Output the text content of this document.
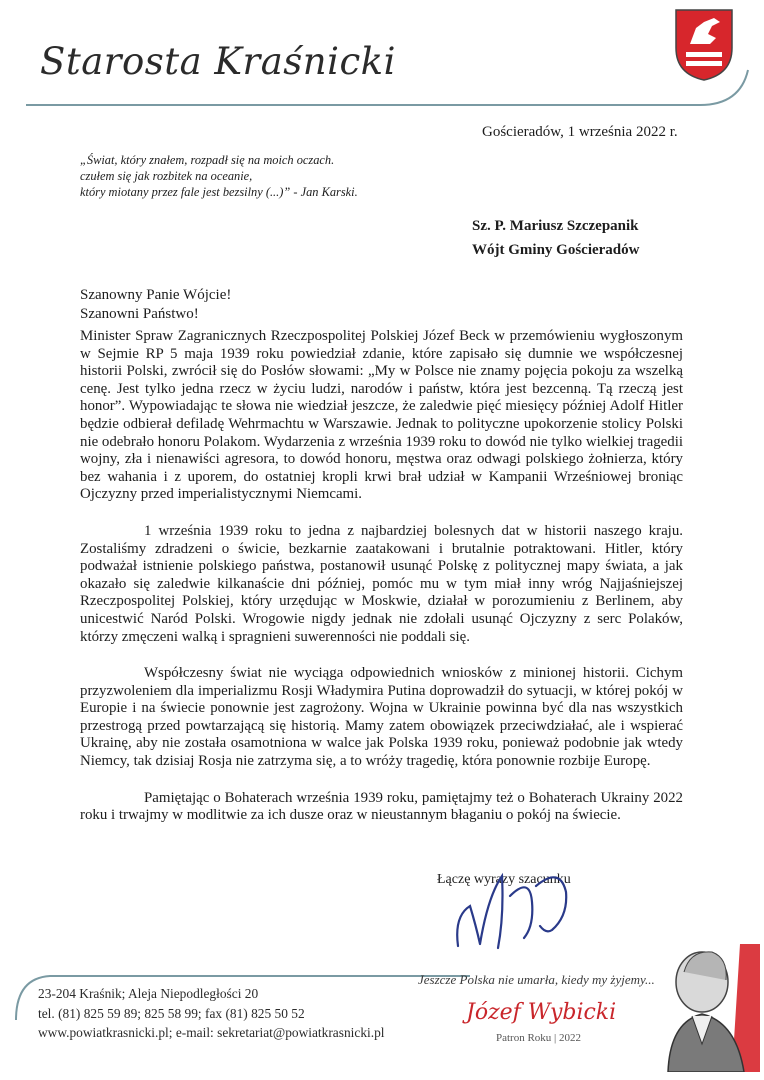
Starosta Kraśnicki
Gościeradów, 1 września 2022 r.
„Świat, który znałem, rozpadł się na moich oczach.
czułem się jak rozbitek na oceanie,
który miotany przez fale jest bezsilny (...)” - Jan Karski.
Sz. P. Mariusz Szczepanik
Wójt Gminy Gościeradów
Szanowny Panie Wójcie!
Szanowni Państwo!

Minister Spraw Zagranicznych Rzeczpospolitej Polskiej Józef Beck w przemówieniu wygłoszonym w Sejmie RP 5 maja 1939 roku powiedział zdanie, które zapisało się dumnie we współczesnej historii Polski, zwrócił się do Posłów słowami: „My w Polsce nie znamy pojęcia pokoju za wszelką cenę. Jest tylko jedna rzecz w życiu ludzi, narodów i państw, która jest bezcenną. Tą rzeczą jest honor”. Wypowiadając te słowa nie wiedział jeszcze, że zaledwie pięć miesięcy później Adolf Hitler będzie odbierał defiladę Wehrmachtu w Warszawie. Jednak to polityczne upokorzenie stolicy Polski nie odebrało honoru Polakom. Wydarzenia z września 1939 roku to dowód nie tylko wielkiej tragedii wojny, zła i nienawiści agresora, to dowód honoru, męstwa oraz odwagi polskiego żołnierza, który bez wahania i z uporem, do ostatniej kropli krwi brał udział w Kampanii Wrześniowej broniąc Ojczyzny przed imperialistycznymi Niemcami.

1 września 1939 roku to jedna z najbardziej bolesnych dat w historii naszego kraju. Zostaliśmy zdradzeni o świcie, bezkarnie zaatakowani i brutalnie potraktowani. Hitler, który podważał istnienie polskiego państwa, postanowił usunąć Polskę z politycznej mapy świata, a jak okazało się zaledwie kilkanaście dni później, pomóc mu w tym miał inny wróg Najjaśniejszej Rzeczpospolitej Polskiej, który urzędując w Moskwie, działał w porozumieniu z Berlinem, aby unicestwić Naród Polski. Wrogowie nigdy jednak nie zdołali usunąć Ojczyzny z serc Polaków, którzy zmęczeni walką i spragnieni suwerenności nie poddali się.

Współczesny świat nie wyciąga odpowiednich wniosków z minionej historii. Cichym przyzwoleniem dla imperializmu Rosji Władymira Putina doprowadził do sytuacji, w której pokój w Europie i na świecie ponownie jest zagrożony. Wojna w Ukrainie powinna być dla nas wszystkich przestrogą przed powtarzającą się historią. Mamy zatem obowiązek przeciwdziałać, ale i wspierać Ukrainę, aby nie została osamotniona w walce jak Polska 1939 roku, ponieważ podobnie jak wtedy Niemcy, tak dzisiaj Rosja nie zatrzyma się, a to wróży tragedię, która ponownie rozbije Europę.

Pamiętając o Bohaterach września 1939 roku, pamiętajmy też o Bohaterach Ukrainy 2022 roku i trwajmy w modlitwie za ich dusze oraz w nieustannym błaganiu o pokój na świecie.

Łączę wyrazy szacunku
23-204 Kraśnik; Aleja Niepodległości 20
tel. (81) 825 59 89; 825 58 99; fax (81) 825 50 52
www.powiatkrasnicki.pl; e-mail: sekretariat@powiatkrasnicki.pl
Jeszcze Polska nie umarła, kiedy my żyjemy...
Józef Wybicki
Patron Roku | 2022
